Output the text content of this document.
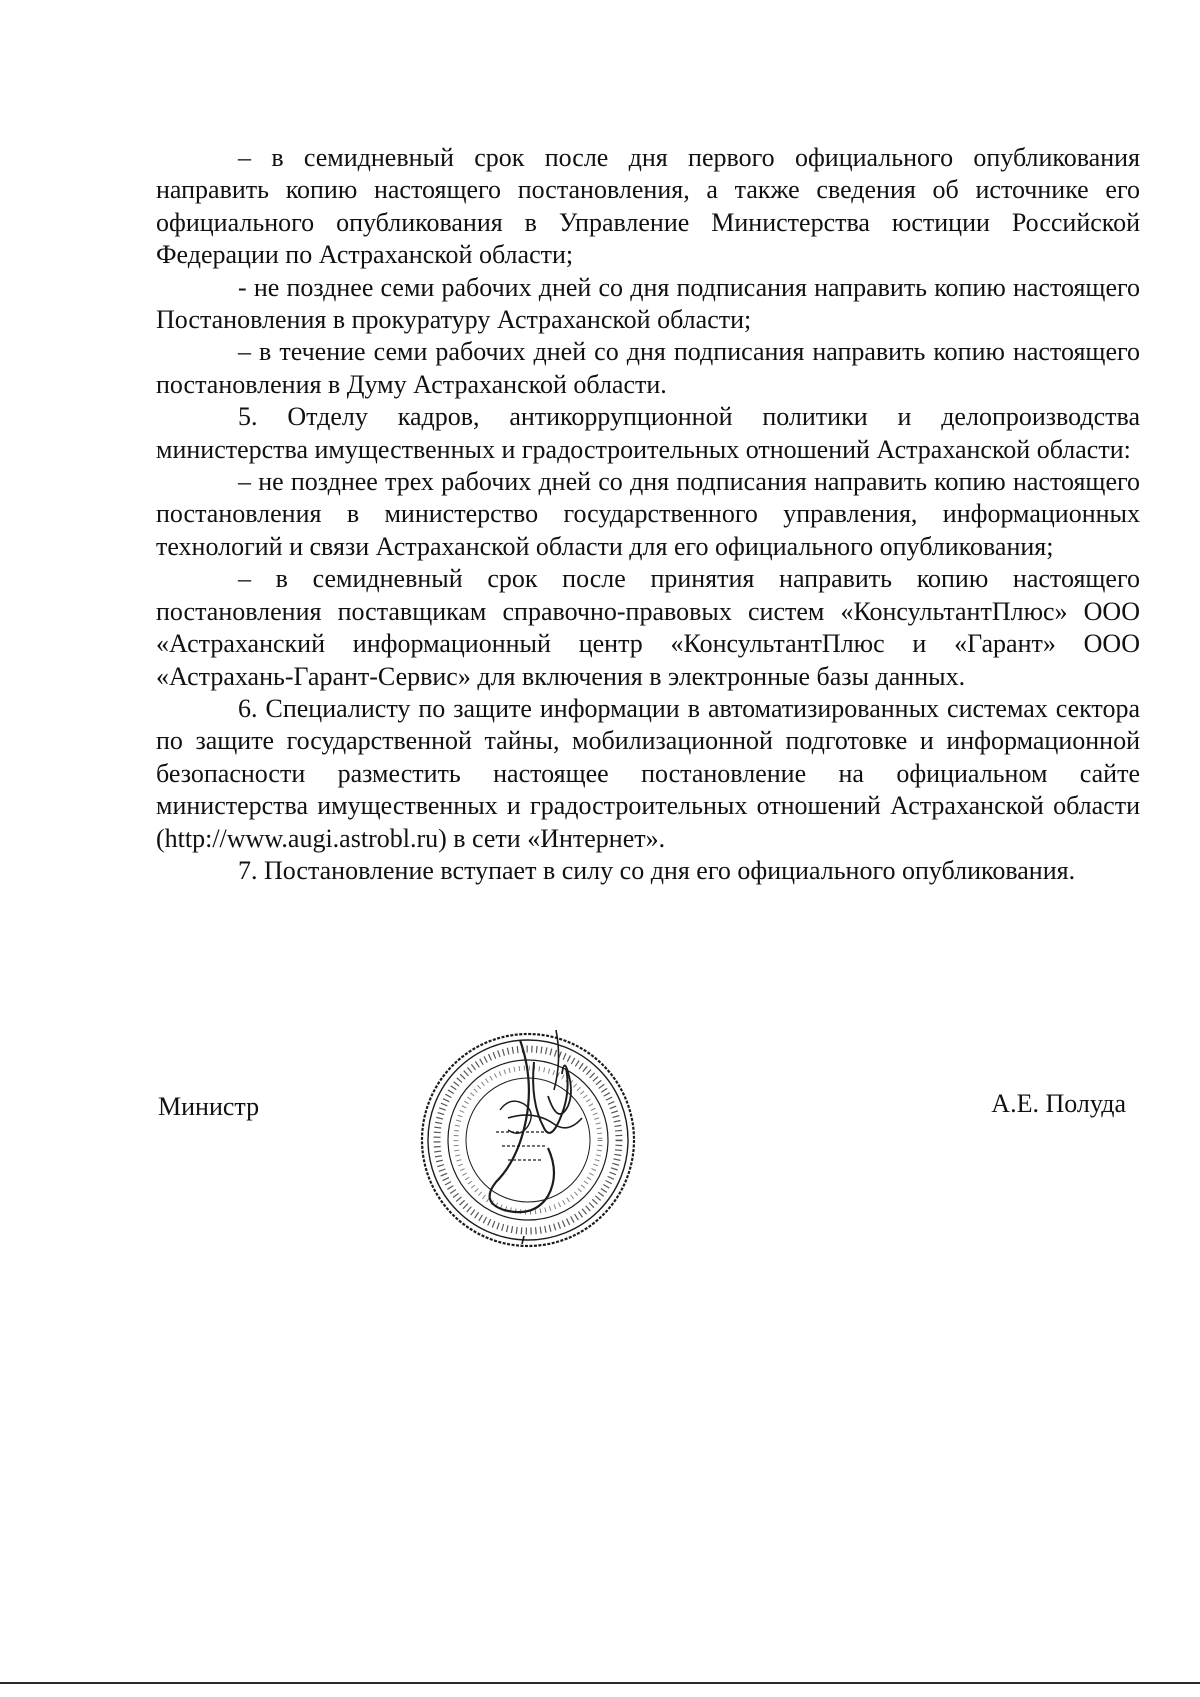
– в семидневный срок после дня первого официального опубликования направить копию настоящего постановления, а также сведения об источнике его официального опубликования в Управление Министерства юстиции Российской Федерации по Астраханской области;

- не позднее семи рабочих дней со дня подписания направить копию настоящего Постановления в прокуратуру Астраханской области;

– в течение семи рабочих дней со дня подписания направить копию настоящего постановления в Думу Астраханской области.

5. Отделу кадров, антикоррупционной политики и делопроизводства министерства имущественных и градостроительных отношений Астраханской области:

– не позднее трех рабочих дней со дня подписания направить копию настоящего постановления в министерство государственного управления, информационных технологий и связи Астраханской области для его официального опубликования;

– в семидневный срок после принятия направить копию настоящего постановления поставщикам справочно-правовых систем «КонсультантПлюс» ООО «Астраханский информационный центр «КонсультантПлюс и «Гарант» ООО «Астрахань-Гарант-Сервис» для включения в электронные базы данных.

6. Специалисту по защите информации в автоматизированных системах сектора по защите государственной тайны, мобилизационной подготовке и информационной безопасности разместить настоящее постановление на официальном сайте министерства имущественных и градостроительных отношений Астраханской области (http://www.augi.astrobl.ru) в сети «Интернет».

7. Постановление вступает в силу со дня его официального опубликования.

Министр	А.Е. Полуда
